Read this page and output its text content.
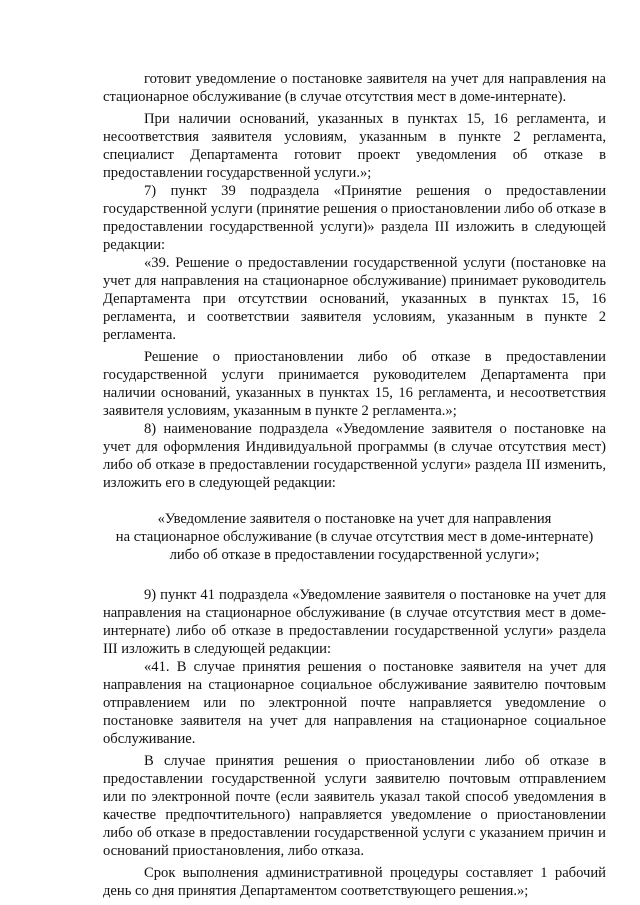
готовит уведомление о постановке заявителя на учет для направления на стационарное обслуживание (в случае отсутствия мест в доме-интернате).

При наличии оснований, указанных в пунктах 15, 16 регламента, и несоответствия заявителя условиям, указанным в пункте 2 регламента, специалист Департамента готовит проект уведомления об отказе в предоставлении государственной услуги.»;

7) пункт 39 подраздела «Принятие решения о предоставлении государственной услуги (принятие решения о приостановлении либо об отказе в предоставлении государственной услуги)» раздела III изложить в следующей редакции:

«39. Решение о предоставлении государственной услуги (постановке на учет для направления на стационарное обслуживание) принимает руководитель Департамента при отсутствии оснований, указанных в пунктах 15, 16 регламента, и соответствии заявителя условиям, указанным в пункте 2 регламента.

Решение о приостановлении либо об отказе в предоставлении государственной услуги принимается руководителем Департамента при наличии оснований, указанных в пунктах 15, 16 регламента, и несоответствия заявителя условиям, указанным в пункте 2 регламента.»;

8) наименование подраздела «Уведомление заявителя о постановке на учет для оформления Индивидуальной программы (в случае отсутствия мест) либо об отказе в предоставлении государственной услуги» раздела III изменить, изложить его в следующей редакции:

«Уведомление заявителя о постановке на учет для направления

на стационарное обслуживание (в случае отсутствия мест в доме-интернате)

либо об отказе в предоставлении государственной услуги»;

9) пункт 41 подраздела «Уведомление заявителя о постановке на учет для направления на стационарное обслуживание (в случае отсутствия мест в доме-интернате) либо об отказе в предоставлении государственной услуги» раздела III изложить в следующей редакции:

«41. В случае принятия решения о постановке заявителя на учет для направления на стационарное социальное обслуживание заявителю почтовым отправлением или по электронной почте направляется уведомление о постановке заявителя на учет для направления на стационарное социальное обслуживание.

В случае принятия решения о приостановлении либо об отказе в предоставлении государственной услуги заявителю почтовым отправлением или по электронной почте (если заявитель указал такой способ уведомления в качестве предпочтительного) направляется уведомление о приостановлении либо об отказе в предоставлении государственной услуги с указанием причин и оснований приостановления, либо отказа.

Срок выполнения административной процедуры составляет 1 рабочий день со дня принятия Департаментом соответствующего решения.»;
